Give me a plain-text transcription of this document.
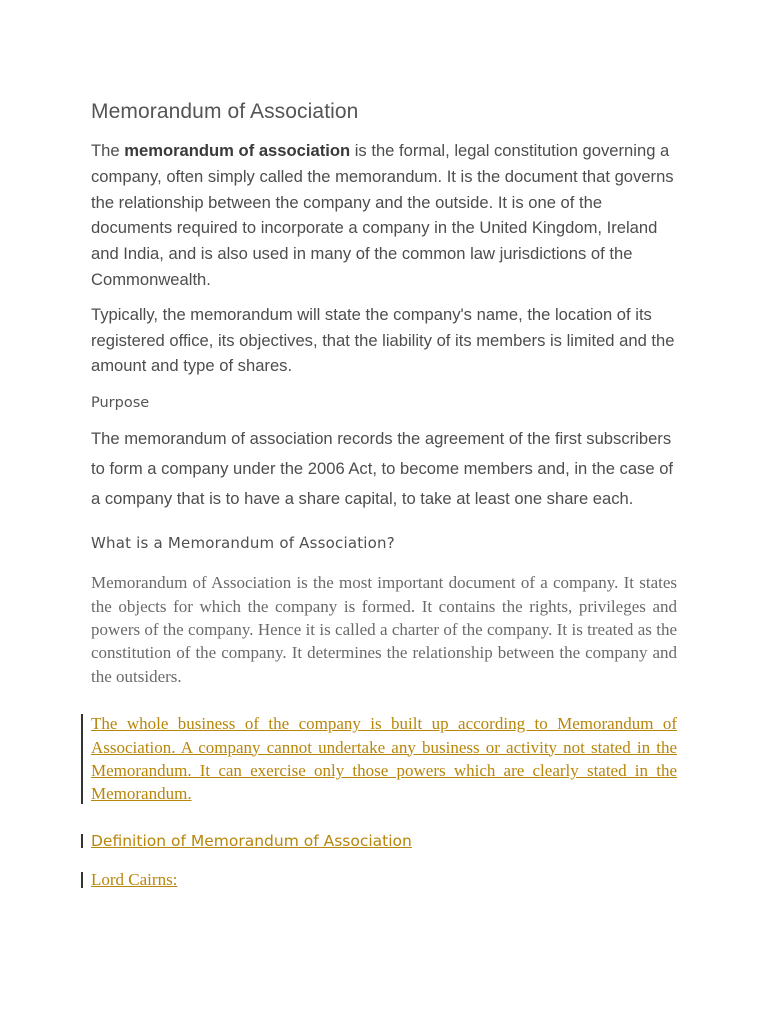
Memorandum of Association

The memorandum of association is the formal, legal constitution governing a company, often simply called the memorandum. It is the document that governs the relationship between the company and the outside. It is one of the documents required to incorporate a company in the United Kingdom, Ireland and India, and is also used in many of the common law jurisdictions of the Commonwealth.

Typically, the memorandum will state the company's name, the location of its registered office, its objectives, that the liability of its members is limited and the amount and type of shares.

Purpose

The memorandum of association records the agreement of the first subscribers to form a company under the 2006 Act, to become members and, in the case of a company that is to have a share capital, to take at least one share each.

What is a Memorandum of Association?

Memorandum of Association is the most important document of a company. It states the objects for which the company is formed. It contains the rights, privileges and powers of the company. Hence it is called a charter of the company. It is treated as the constitution of the company. It determines the relationship between the company and the outsiders.

The whole business of the company is built up according to Memorandum of Association. A company cannot undertake any business or activity not stated in the Memorandum. It can exercise only those powers which are clearly stated in the Memorandum.

Definition of Memorandum of Association
Lord Cairns:
